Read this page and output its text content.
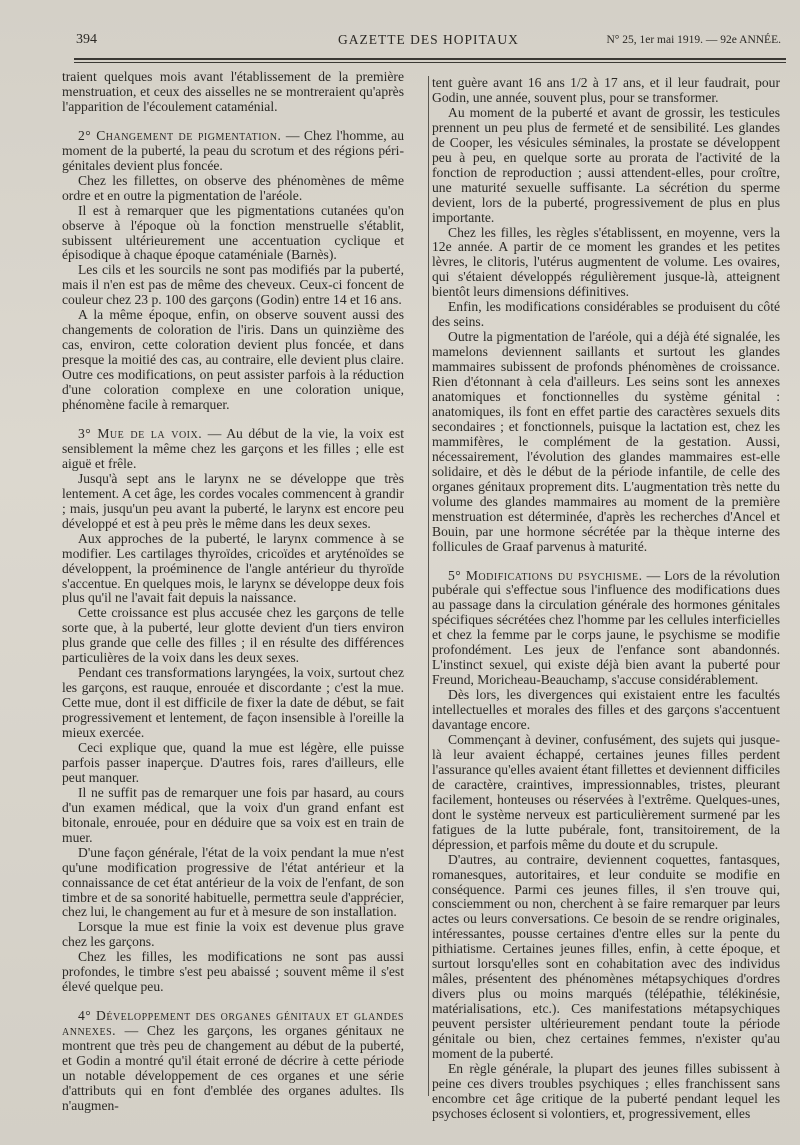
394	GAZETTE DES HOPITAUX	N° 25, 1er mai 1919. — 92e ANNÉE.

traient quelques mois avant l'établissement de la première menstruation, et ceux des aisselles ne se montreraient qu'après l'apparition de l'écoulement cataménial.

2° Changement de pigmentation. — Chez l'homme, au moment de la puberté, la peau du scrotum et des régions péri-génitales devient plus foncée.

Chez les fillettes, on observe des phénomènes de même ordre et en outre la pigmentation de l'aréole.

Il est à remarquer que les pigmentations cutanées qu'on observe à l'époque où la fonction menstruelle s'établit, subissent ultérieurement une accentuation cyclique et épisodique à chaque époque cataméniale (Barnès).

Les cils et les sourcils ne sont pas modifiés par la puberté, mais il n'en est pas de même des cheveux. Ceux-ci foncent de couleur chez 23 p. 100 des garçons (Godin) entre 14 et 16 ans.

A la même époque, enfin, on observe souvent aussi des changements de coloration de l'iris. Dans un quinzième des cas, environ, cette coloration devient plus foncée, et dans presque la moitié des cas, au contraire, elle devient plus claire. Outre ces modifications, on peut assister parfois à la réduction d'une coloration complexe en une coloration unique, phénomène facile à remarquer.

3° Mue de la voix. — Au début de la vie, la voix est sensiblement la même chez les garçons et les filles ; elle est aiguë et frêle.

Jusqu'à sept ans le larynx ne se développe que très lentement. A cet âge, les cordes vocales commencent à grandir ; mais, jusqu'un peu avant la puberté, le larynx est encore peu développé et est à peu près le même dans les deux sexes.

Aux approches de la puberté, le larynx commence à se modifier. Les cartilages thyroïdes, cricoïdes et aryténoïdes se développent, la proéminence de l'angle antérieur du thyroïde s'accentue. En quelques mois, le larynx se développe deux fois plus qu'il ne l'avait fait depuis la naissance.

Cette croissance est plus accusée chez les garçons de telle sorte que, à la puberté, leur glotte devient d'un tiers environ plus grande que celle des filles ; il en résulte des différences particulières de la voix dans les deux sexes.

Pendant ces transformations laryngées, la voix, surtout chez les garçons, est rauque, enrouée et discordante ; c'est la mue. Cette mue, dont il est difficile de fixer la date de début, se fait progressivement et lentement, de façon insensible à l'oreille la mieux exercée.

Ceci explique que, quand la mue est légère, elle puisse parfois passer inaperçue. D'autres fois, rares d'ailleurs, elle peut manquer.

Il ne suffit pas de remarquer une fois par hasard, au cours d'un examen médical, que la voix d'un grand enfant est bitonale, enrouée, pour en déduire que sa voix est en train de muer.

D'une façon générale, l'état de la voix pendant la mue n'est qu'une modification progressive de l'état antérieur et la connaissance de cet état antérieur de la voix de l'enfant, de son timbre et de sa sonorité habituelle, permettra seule d'apprécier, chez lui, le changement au fur et à mesure de son installation.

Lorsque la mue est finie la voix est devenue plus grave chez les garçons.

Chez les filles, les modifications ne sont pas aussi profondes, le timbre s'est peu abaissé ; souvent même il s'est élevé quelque peu.

4° Développement des organes génitaux et glandes annexes. — Chez les garçons, les organes génitaux ne montrent que très peu de changement au début de la puberté, et Godin a montré qu'il était erroné de décrire à cette période un notable développement de ces organes et une série d'attributs qui en font d'emblée des organes adultes. Ils n'augmen-

tent guère avant 16 ans 1/2 à 17 ans, et il leur faudrait, pour Godin, une année, souvent plus, pour se transformer.

Au moment de la puberté et avant de grossir, les testicules prennent un peu plus de fermeté et de sensibilité. Les glandes de Cooper, les vésicules séminales, la prostate se développent peu à peu, en quelque sorte au prorata de l'activité de la fonction de reproduction ; aussi attendent-elles, pour croître, une maturité sexuelle suffisante. La sécrétion du sperme devient, lors de la puberté, progressivement de plus en plus importante.

Chez les filles, les règles s'établissent, en moyenne, vers la 12e année. A partir de ce moment les grandes et les petites lèvres, le clitoris, l'utérus augmentent de volume. Les ovaires, qui s'étaient développés régulièrement jusque-là, atteignent bientôt leurs dimensions définitives.

Enfin, les modifications considérables se produisent du côté des seins.

Outre la pigmentation de l'aréole, qui a déjà été signalée, les mamelons deviennent saillants et surtout les glandes mammaires subissent de profonds phénomènes de croissance. Rien d'étonnant à cela d'ailleurs. Les seins sont les annexes anatomiques et fonctionnelles du système génital : anatomiques, ils font en effet partie des caractères sexuels dits secondaires ; et fonctionnels, puisque la lactation est, chez les mammifères, le complément de la gestation. Aussi, nécessairement, l'évolution des glandes mammaires est-elle solidaire, et dès le début de la période infantile, de celle des organes génitaux proprement dits. L'augmentation très nette du volume des glandes mammaires au moment de la première menstruation est déterminée, d'après les recherches d'Ancel et Bouin, par une hormone sécrétée par la thèque interne des follicules de Graaf parvenus à maturité.

5° Modifications du psychisme. — Lors de la révolution pubérale qui s'effectue sous l'influence des modifications dues au passage dans la circulation générale des hormones génitales spécifiques sécrétées chez l'homme par les cellules interficielles et chez la femme par le corps jaune, le psychisme se modifie profondément. Les jeux de l'enfance sont abandonnés. L'instinct sexuel, qui existe déjà bien avant la puberté pour Freund, Moricheau-Beauchamp, s'accuse considérablement.

Dès lors, les divergences qui existaient entre les facultés intellectuelles et morales des filles et des garçons s'accentuent davantage encore.

Commençant à deviner, confusément, des sujets qui jusque-là leur avaient échappé, certaines jeunes filles perdent l'assurance qu'elles avaient étant fillettes et deviennent difficiles de caractère, craintives, impressionnables, tristes, pleurant facilement, honteuses ou réservées à l'extrême. Quelques-unes, dont le système nerveux est particulièrement surmené par les fatigues de la lutte pubérale, font, transitoirement, de la dépression, et parfois même du doute et du scrupule.

D'autres, au contraire, deviennent coquettes, fantasques, romanesques, autoritaires, et leur conduite se modifie en conséquence. Parmi ces jeunes filles, il s'en trouve qui, consciemment ou non, cherchent à se faire remarquer par leurs actes ou leurs conversations. Ce besoin de se rendre originales, intéressantes, pousse certaines d'entre elles sur la pente du pithiatisme. Certaines jeunes filles, enfin, à cette époque, et surtout lorsqu'elles sont en cohabitation avec des individus mâles, présentent des phénomènes métapsychiques d'ordres divers plus ou moins marqués (télépathie, télékinésie, matérialisations, etc.). Ces manifestations métapsychiques peuvent persister ultérieurement pendant toute la période génitale ou bien, chez certaines femmes, n'exister qu'au moment de la puberté.

En règle générale, la plupart des jeunes filles subissent à peine ces divers troubles psychiques ; elles franchissent sans encombre cet âge critique de la puberté pendant lequel les psychoses éclosent si volontiers, et, progressivement, elles
